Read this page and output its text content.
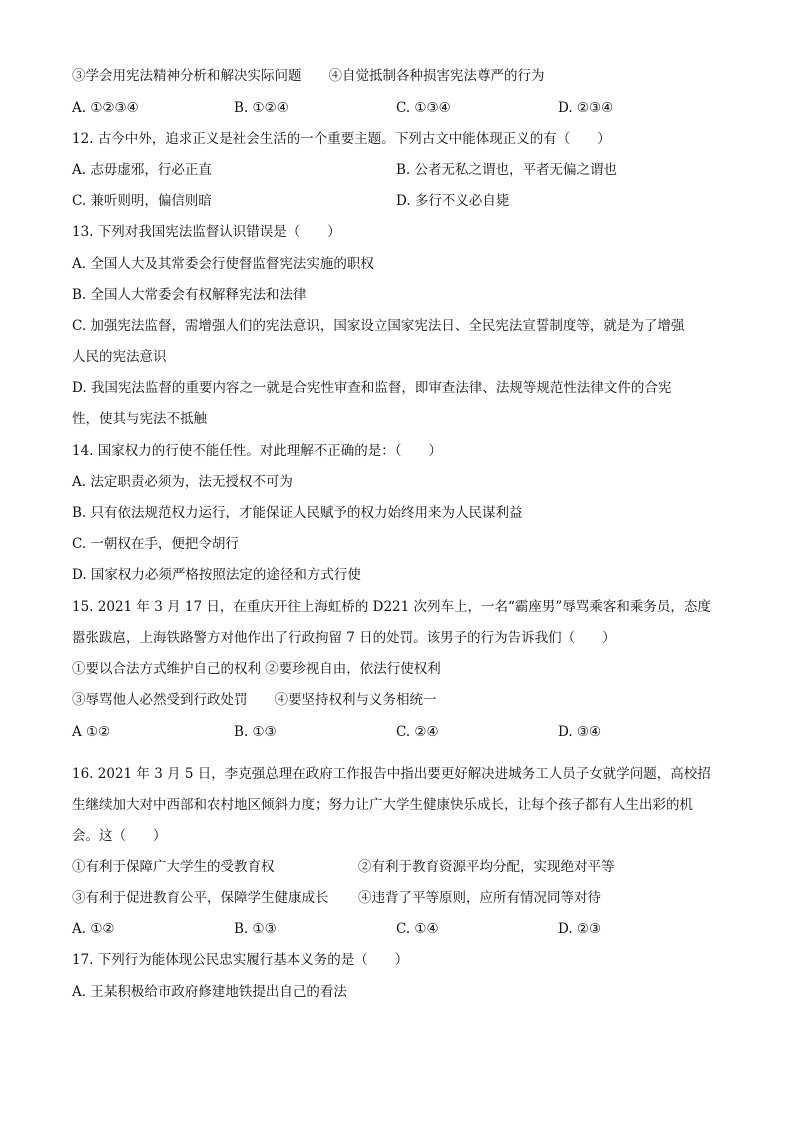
③学会用宪法精神分析和解决实际问题　　④自觉抵制各种损害宪法尊严的行为
A. ①②③④	B. ①②④	C. ①③④	D. ②③④
12. 古今中外，追求正义是社会生活的一个重要主题。下列古文中能体现正义的有（　　）
A. 志毋虚邪，行必正直	B. 公者无私之谓也，平者无偏之谓也
C. 兼听则明，偏信则暗	D. 多行不义必自毙
13. 下列对我国宪法监督认识错误是（　　）
A. 全国人大及其常委会行使督监督宪法实施的职权
B. 全国人大常委会有权解释宪法和法律
C. 加强宪法监督，需增强人们的宪法意识，国家设立国家宪法日、全民宪法宣誓制度等，就是为了增强
人民的宪法意识
D. 我国宪法监督的重要内容之一就是合宪性审查和监督，即审查法律、法规等规范性法律文件的合宪
性，使其与宪法不抵触
14. 国家权力的行使不能任性。对此理解不正确的是：（　　）
A. 法定职责必须为，法无授权不可为
B. 只有依法规范权力运行，才能保证人民赋予的权力始终用来为人民谋利益
C. 一朝权在手，便把令胡行
D. 国家权力必须严格按照法定的途径和方式行使
15. 2021 年 3 月 17 日，在重庆开往上海虹桥的 D221 次列车上，一名“霸座男”辱骂乘客和乘务员，态度
嚣张跋扈，上海铁路警方对他作出了行政拘留 7 日的处罚。该男子的行为告诉我们（　　）
①要以合法方式维护自己的权利 ②要珍视自由，依法行使权利
③辱骂他人必然受到行政处罚　　④要坚持权利与义务相统一
A ①②	B. ①③	C. ②④	D. ③④
16. 2021 年 3 月 5 日，李克强总理在政府工作报告中指出要更好解决进城务工人员子女就学问题，高校招
生继续加大对中西部和农村地区倾斜力度；努力让广大学生健康快乐成长，让每个孩子都有人生出彩的机
会。这（　　）
①有利于保障广大学生的受教育权	②有利于教育资源平均分配，实现绝对平等
③有利于促进教育公平，保障学生健康成长 ④违背了平等原则，应所有情况同等对待
A. ①②	B. ①③	C. ①④	D. ②③
17. 下列行为能体现公民忠实履行基本义务的是（　　）
A. 王某积极给市政府修建地铁提出自己的看法
